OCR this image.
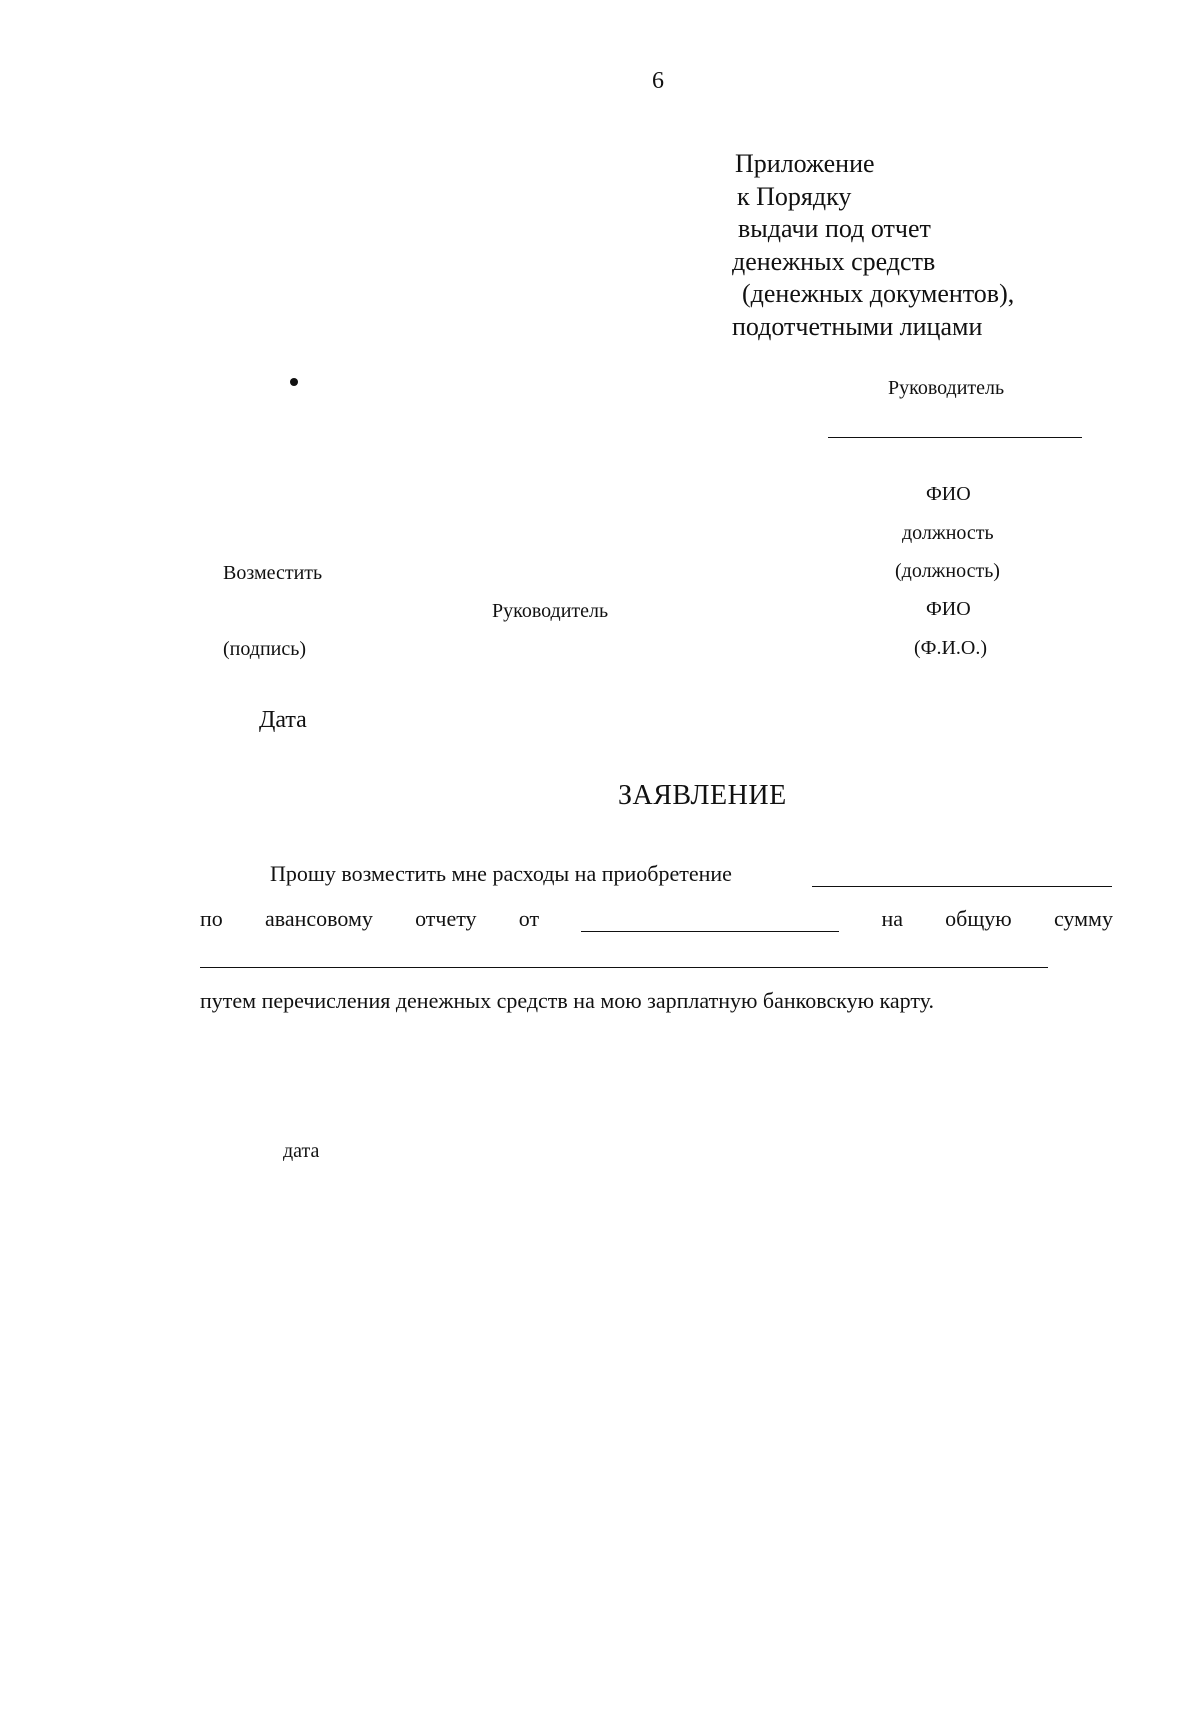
6
Приложение
к Порядку
выдачи под отчет
денежных средств
(денежных документов),
подотчетными лицами
Руководитель
ФИО
должность
(должность)
ФИО
(Ф.И.О.)
Возместить
Руководитель
(подпись)
Дата
ЗАЯВЛЕНИЕ
Прошу возместить мне расходы на приобретение
по авансовому отчету от	на общую сумму
путем перечисления денежных средств на мою зарплатную банковскую карту.
дата
